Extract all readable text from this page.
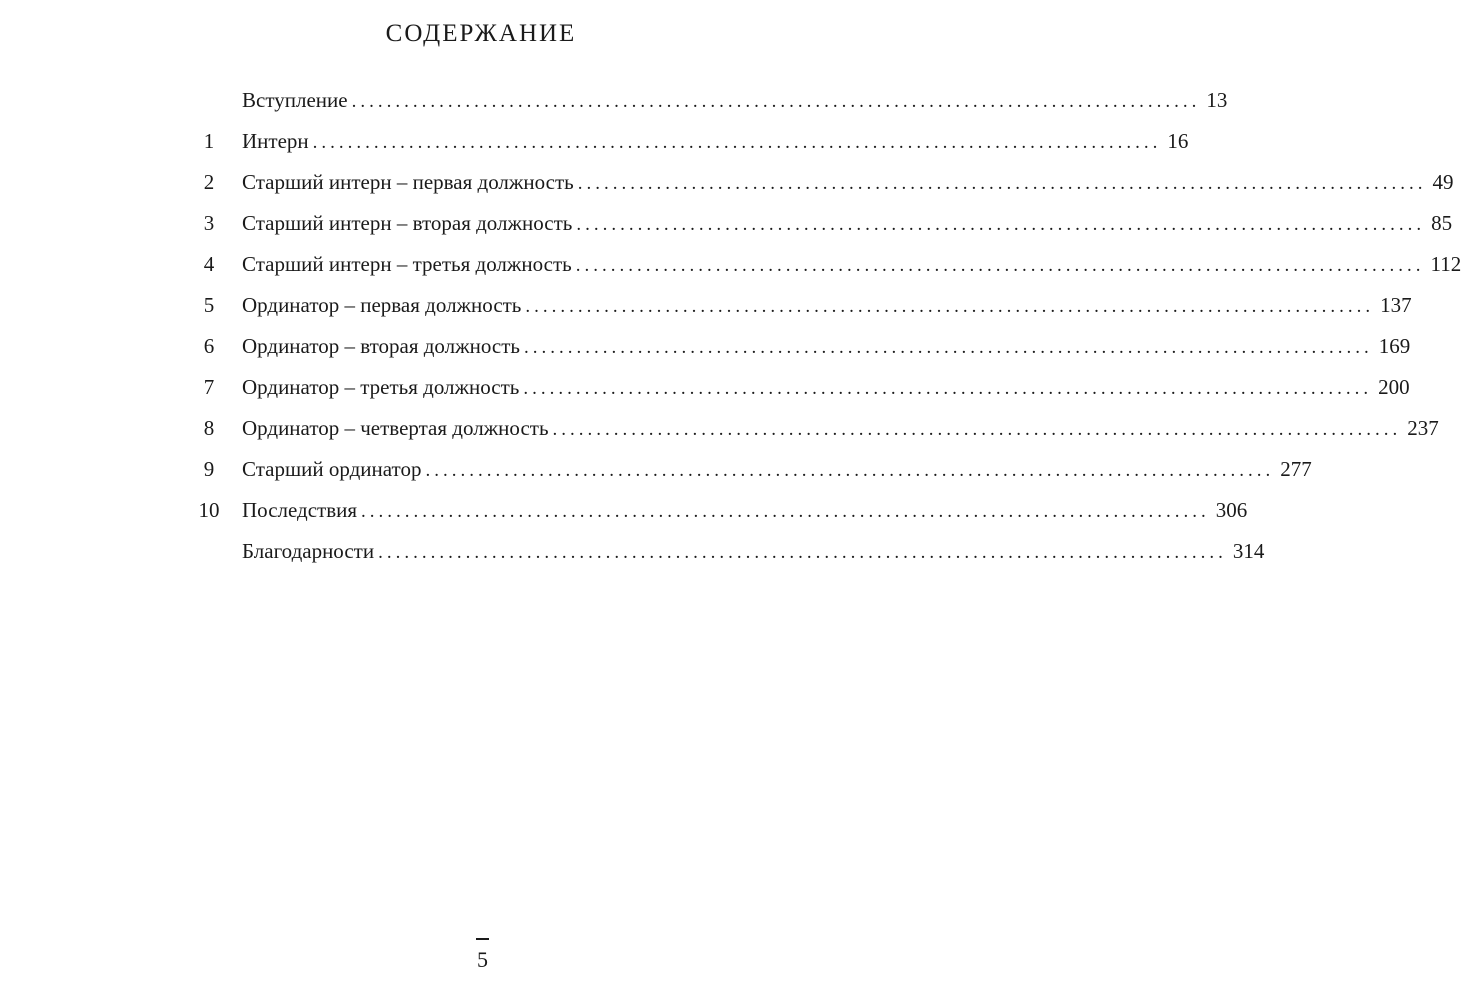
СОДЕРЖАНИЕ
Вступление ................................................................................................. 13
1	Интерн ................................................................................................. 16
2	Старший интерн – первая должность ................................................................................................. 49
3	Старший интерн – вторая должность ................................................................................................. 85
4	Старший интерн – третья должность ................................................................................................. 112
5	Ординатор – первая должность ................................................................................................. 137
6	Ординатор – вторая должность ................................................................................................. 169
7	Ординатор – третья должность ................................................................................................. 200
8	Ординатор – четвертая должность ................................................................................................. 237
9	Старший ординатор ................................................................................................. 277
10 Последствия ................................................................................................. 306
Благодарности ................................................................................................. 314
5
